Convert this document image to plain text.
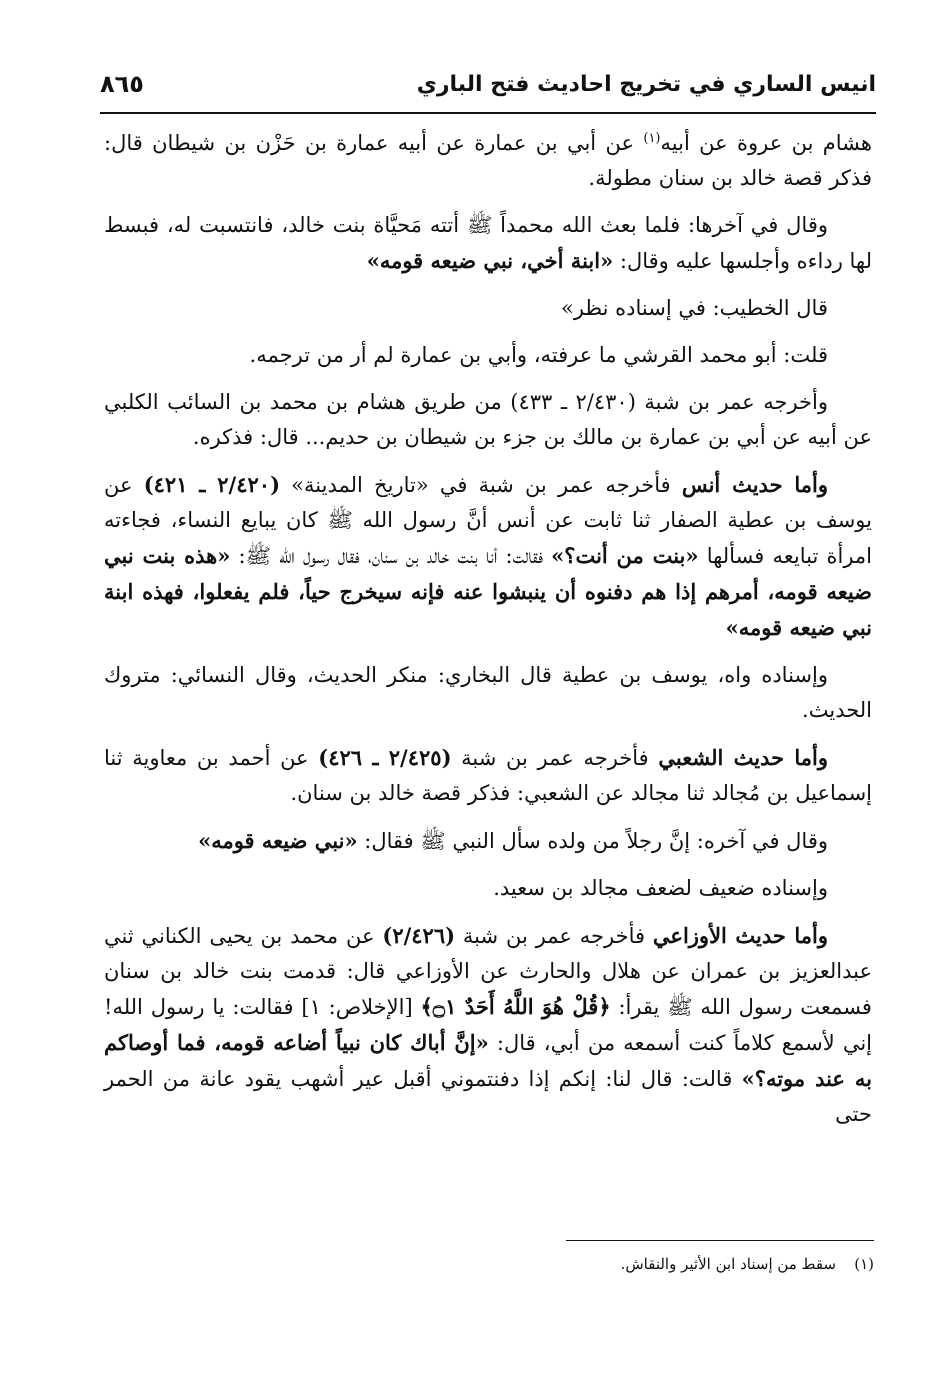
انيس الساري في تخريج احاديث فتح الباري
٨٦٥

هشام بن عروة عن أبيه$^{(١)}$ عن أبي بن عمارة عن أبيه عمارة بن حَزْن بن شيطان قال: فذكر قصة خالد بن سنان مطولة.

وقال في آخرها: فلما بعث الله محمداً ﷺ أتته مَحيَّاة بنت خالد، فانتسبت له، فبسط لها رداءه وأجلسها عليه وقال: «ابنة أخي، نبي ضيعه قومه»

قال الخطيب: في إسناده نظر»

قلت: أبو محمد القرشي ما عرفته، وأبي بن عمارة لم أر من ترجمه.

وأخرجه عمر بن شبة (٢/٤٣٠ ـ ٤٣٣) من طريق هشام بن محمد بن السائب الكلبي عن أبيه عن أبي بن عمارة بن مالك بن جزء بن شيطان بن حديم... قال: فذكره.

وأما حديث أنس فأخرجه عمر بن شبة في «تاريخ المدينة» (٢/٤٢٠ ـ ٤٢١) عن يوسف بن عطية الصفار ثنا ثابت عن أنس أنَّ رسول الله ﷺ كان يبايع النساء، فجاءته امرأة تبايعه فسألها «بنت من أنت؟» فقالت: أنا بنت خالد بن سنان، فقال رسول الله ﷺ: «هذه بنت نبي ضيعه قومه، أمرهم إذا هم دفنوه أن ينبشوا عنه فإنه سيخرج حياً، فلم يفعلوا، فهذه ابنة نبي ضيعه قومه»

وإسناده واه، يوسف بن عطية قال البخاري: منكر الحديث، وقال النسائي: متروك الحديث.

وأما حديث الشعبي فأخرجه عمر بن شبة (٢/٤٢٥ ـ ٤٢٦) عن أحمد بن معاوية ثنا إسماعيل بن مُجالد ثنا مجالد عن الشعبي: فذكر قصة خالد بن سنان.

وقال في آخره: إنَّ رجلاً من ولده سأل النبي ﷺ فقال: «نبي ضيعه قومه»

وإسناده ضعيف لضعف مجالد بن سعيد.

وأما حديث الأوزاعي فأخرجه عمر بن شبة (٢/٤٢٦) عن محمد بن يحيى الكناني ثني عبدالعزيز بن عمران عن هلال والحارث عن الأوزاعي قال: قدمت بنت خالد بن سنان فسمعت رسول الله ﷺ يقرأ: ﴿قُلْ هُوَ اللَّهُ أَحَدٌ ۝١﴾ [الإخلاص: ١] فقالت: يا رسول الله! إني لأسمع كلاماً كنت أسمعه من أبي، قال: «إنَّ أباك كان نبياً أضاعه قومه، فما أوصاكم به عند موته؟» قالت: قال لنا: إنكم إذا دفنتموني أقبل عير أشهب يقود عانة من الحمر حتى

(١)سقط من إسناد ابن الأثير والنقاش.
